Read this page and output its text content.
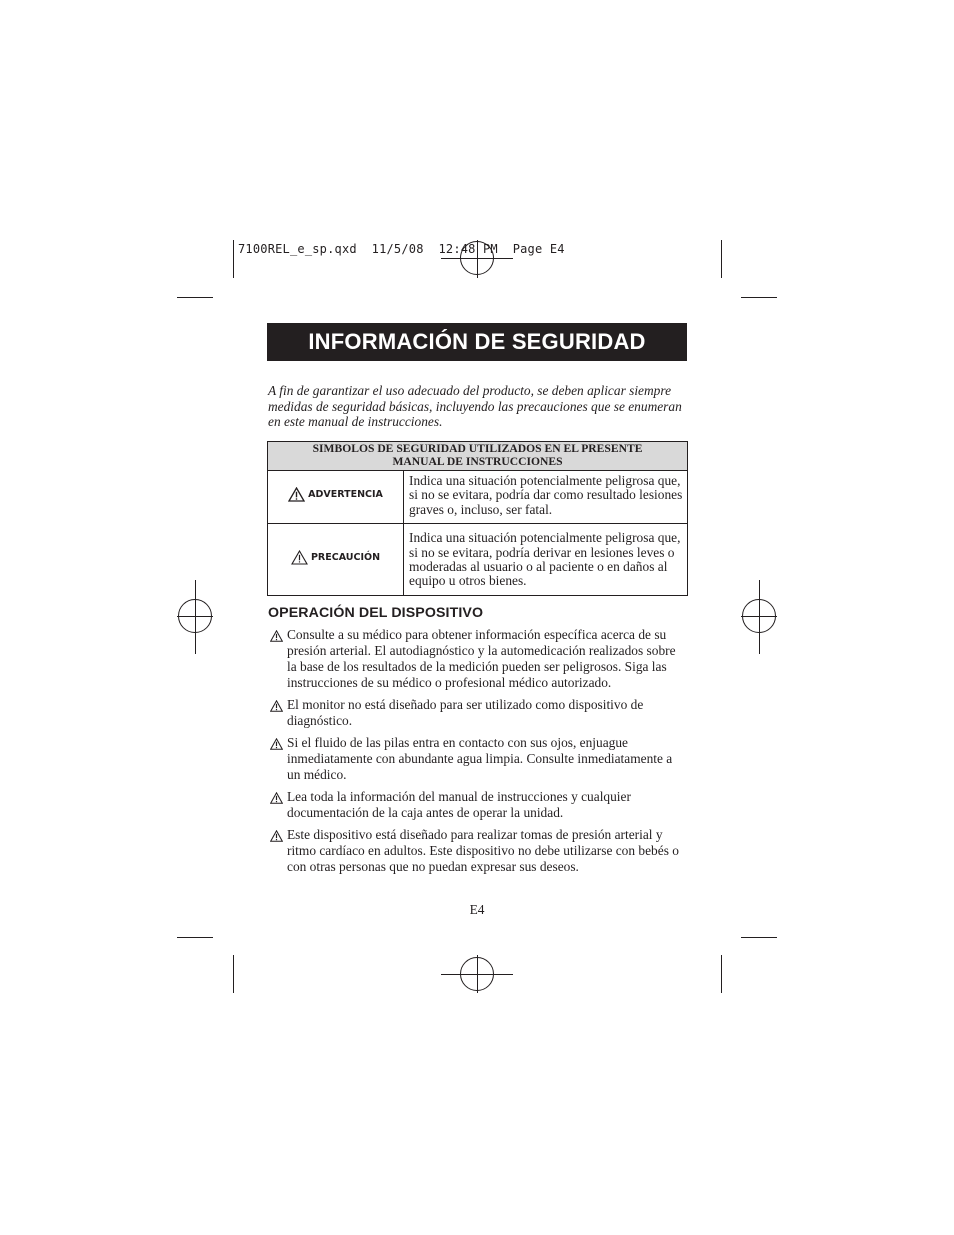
7100REL_e_sp.qxd  11/5/08  12:48 PM  Page E4
INFORMACIÓN DE SEGURIDAD
A fin de garantizar el uso adecuado del producto, se deben aplicar siempre medidas de seguridad básicas, incluyendo las precauciones que se enumeran en este manual de instrucciones.
SIMBOLOS DE SEGURIDAD UTILIZADOS EN EL PRESENTE
MANUAL DE INSTRUCCIONES	

ADVERTENCIA	Indica una situación potencialmente peligrosa que, si no se evitara, podría dar como resultado lesiones graves o, incluso, ser fatal.

PRECAUCIÓN	Indica una situación potencialmente peligrosa que, si no se evitara, podría derivar en lesiones leves o moderadas al usuario o al paciente o en daños al equipo u otros bienes.
OPERACIÓN DEL DISPOSITIVO
Consulte a su médico para obtener información específica acerca de su presión arterial. El autodiagnóstico y la automedicación realizados sobre la base de los resultados de la medición pueden ser peligrosos. Siga las instrucciones de su médico o profesional médico autorizado.
El monitor no está diseñado para ser utilizado como dispositivo de diagnóstico.
Si el fluido de las pilas entra en contacto con sus ojos, enjuague inmediatamente con abundante agua limpia. Consulte inmediatamente a un médico.
Lea toda la información del manual de instrucciones y cualquier documentación de la caja antes de operar la unidad.
Este dispositivo está diseñado para realizar tomas de presión arterial y ritmo cardíaco en adultos. Este dispositivo no debe utilizarse con bebés o con otras personas que no puedan expresar sus deseos.
E4
